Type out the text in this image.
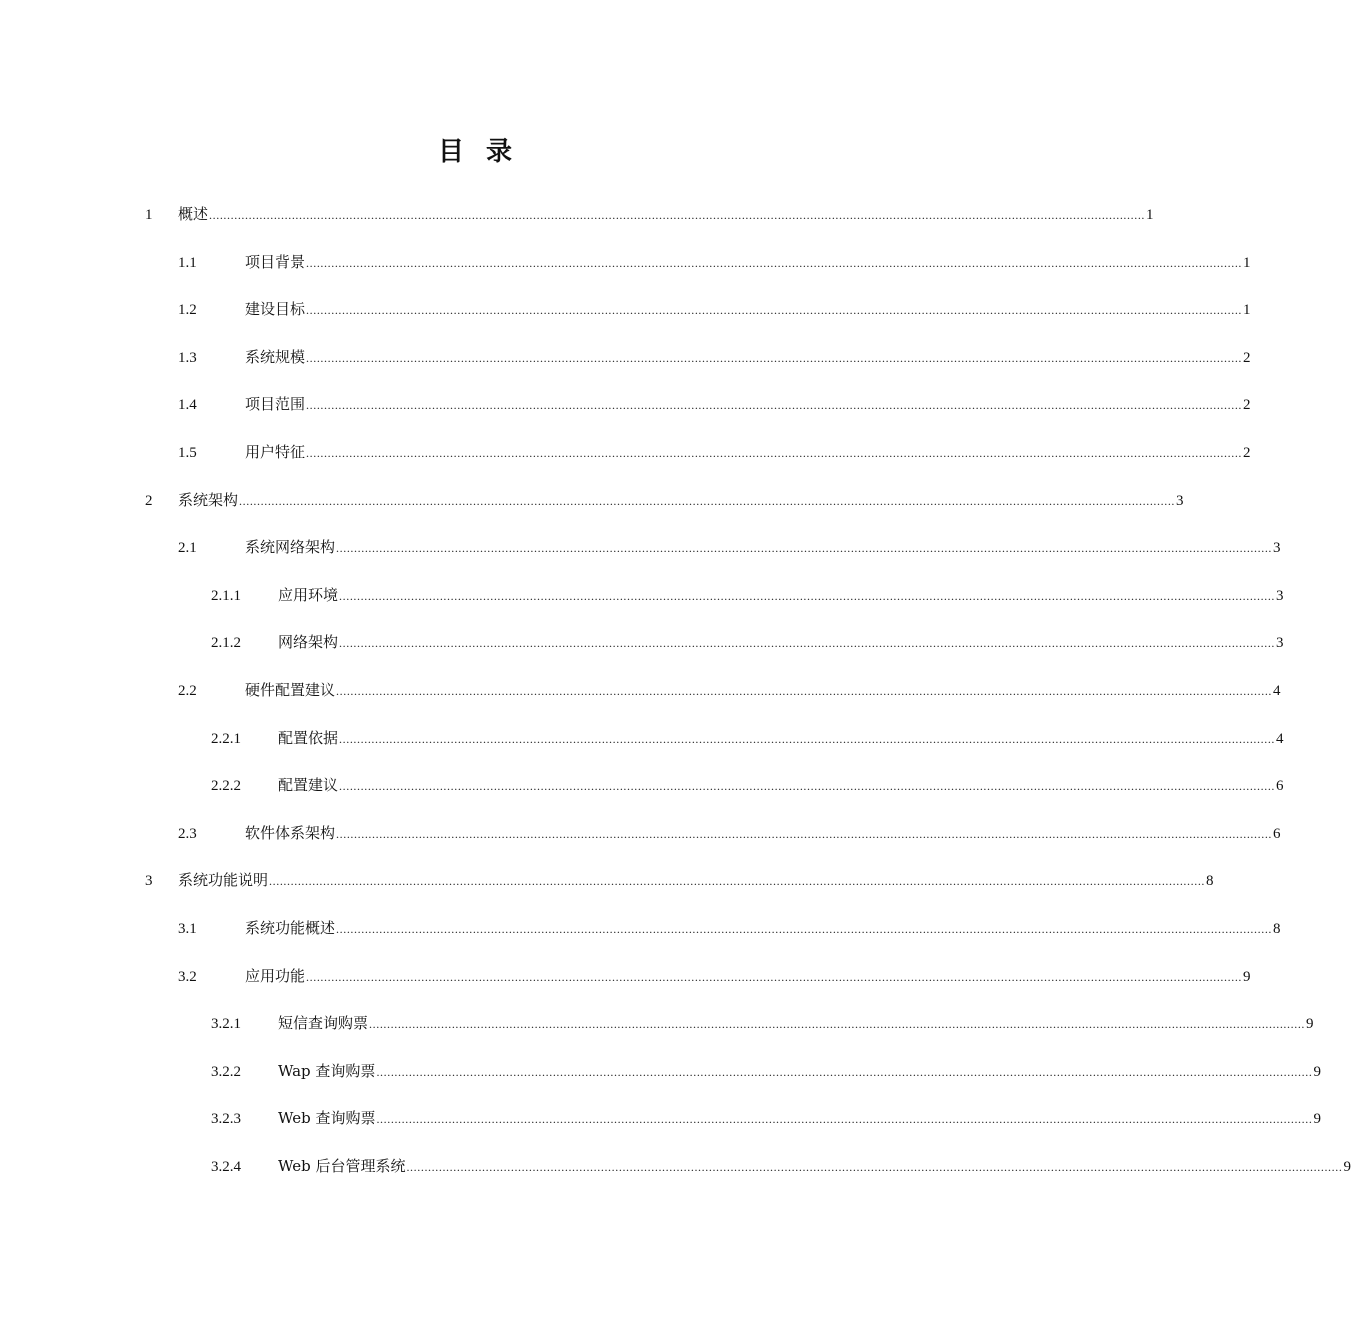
目录
1	概述 .................................................................................................................................................................................................................................................................... 1
1.1	项目背景 .................................................................................................................................................................................................................................................................... 1
1.2	建设目标 .................................................................................................................................................................................................................................................................... 1
1.3	系统规模 .................................................................................................................................................................................................................................................................... 2
1.4	项目范围 .................................................................................................................................................................................................................................................................... 2
1.5	用户特征 .................................................................................................................................................................................................................................................................... 2
2	系统架构 .................................................................................................................................................................................................................................................................... 3
2.1	系统网络架构 .................................................................................................................................................................................................................................................................... 3
2.1.1	应用环境 .................................................................................................................................................................................................................................................................... 3
2.1.2	网络架构 .................................................................................................................................................................................................................................................................... 3
2.2	硬件配置建议 .................................................................................................................................................................................................................................................................... 4
2.2.1	配置依据 .................................................................................................................................................................................................................................................................... 4
2.2.2	配置建议 .................................................................................................................................................................................................................................................................... 6
2.3	软件体系架构 .................................................................................................................................................................................................................................................................... 6
3	系统功能说明 .................................................................................................................................................................................................................................................................... 8
3.1	系统功能概述 .................................................................................................................................................................................................................................................................... 8
3.2	应用功能 .................................................................................................................................................................................................................................................................... 9
3.2.1	短信查询购票 .................................................................................................................................................................................................................................................................... 9
3.2.2	Wap 查询购票 .................................................................................................................................................................................................................................................................... 9
3.2.3	Web 查询购票 .................................................................................................................................................................................................................................................................... 9
3.2.4	Web 后台管理系统 .................................................................................................................................................................................................................................................................... 9
